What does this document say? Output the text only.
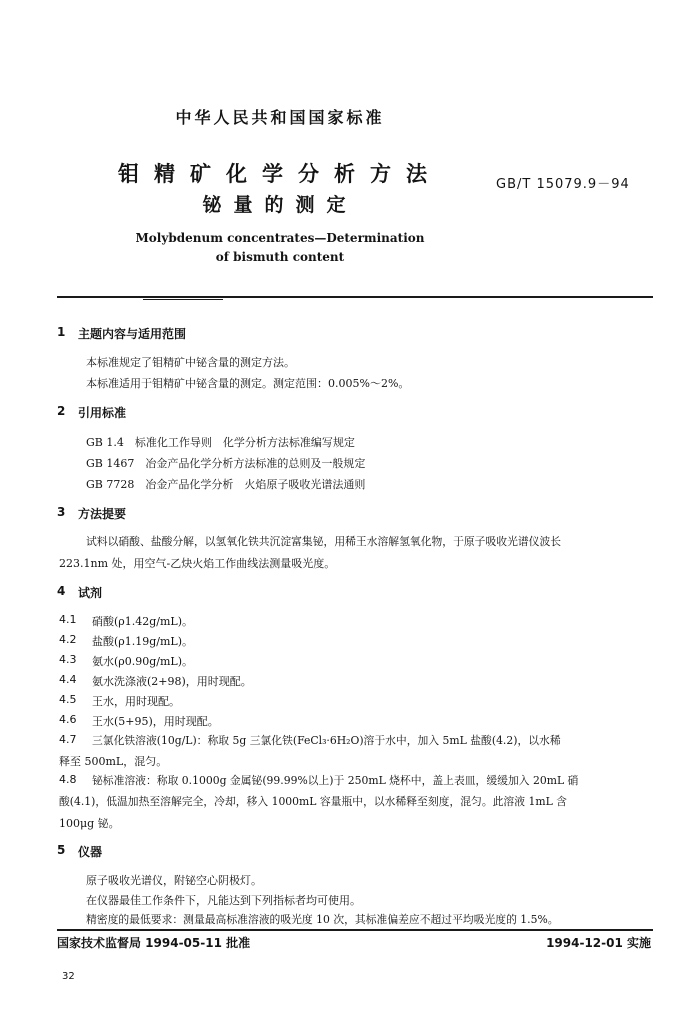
中华人民共和国国家标准
钼精矿化学分析方法
铋量的测定
GB/T 15079.9－94
Molybdenum concentrates—Determination
of bismuth content
1 主题内容与适用范围
本标准规定了钼精矿中铋含量的测定方法。
本标准适用于钼精矿中铋含量的测定。测定范围：0.005%～2%。
2 引用标准
GB 1.4　标准化工作导则　化学分析方法标准编写规定
GB 1467　冶金产品化学分析方法标准的总则及一般规定
GB 7728　冶金产品化学分析　火焰原子吸收光谱法通则
3 方法提要
试料以硝酸、盐酸分解，以氢氧化铁共沉淀富集铋，用稀王水溶解氢氧化物，于原子吸收光谱仪波长
223.1nm 处，用空气-乙炔火焰工作曲线法测量吸光度。
4 试剂
4.1 硝酸(ρ1.42g/mL)。
4.2 盐酸(ρ1.19g/mL)。
4.3 氨水(ρ0.90g/mL)。
4.4 氨水洗涤液(2+98)，用时现配。
4.5 王水，用时现配。
4.6 王水(5+95)，用时现配。
4.7 三氯化铁溶液(10g/L)：称取 5g 三氯化铁(FeCl₃·6H₂O)溶于水中，加入 5mL 盐酸(4.2)，以水稀
释至 500mL，混匀。
4.8 铋标准溶液：称取 0.1000g 金属铋(99.99%以上)于 250mL 烧杯中，盖上表皿，缓缓加入 20mL 硝
酸(4.1)，低温加热至溶解完全，冷却，移入 1000mL 容量瓶中，以水稀释至刻度，混匀。此溶液 1mL 含
100μg 铋。
5 仪器
原子吸收光谱仪，附铋空心阴极灯。
在仪器最佳工作条件下，凡能达到下列指标者均可使用。
精密度的最低要求：测量最高标准溶液的吸光度 10 次，其标准偏差应不超过平均吸光度的 1.5%。
国家技术监督局 1994-05-11 批准	1994-12-01 实施
32
